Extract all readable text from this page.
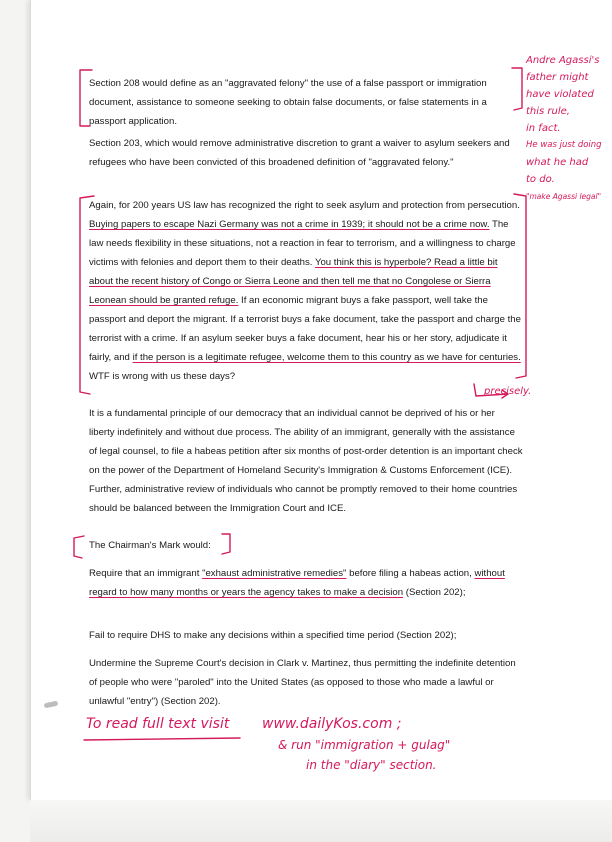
Section 208 would define as an "aggravated felony" the use of a false passport or immigration document, assistance to someone seeking to obtain false documents, or false statements in a passport application.

Section 203, which would remove administrative discretion to grant a waiver to asylum seekers and refugees who have been convicted of this broadened definition of "aggravated felony."

Again, for 200 years US law has recognized the right to seek asylum and protection from persecution. Buying papers to escape Nazi Germany was not a crime in 1939; it should not be a crime now. The law needs flexibility in these situations, not a reaction in fear to terrorism, and a willingness to charge victims with felonies and deport them to their deaths. You think this is hyperbole? Read a little bit about the recent history of Congo or Sierra Leone and then tell me that no Congolese or Sierra Leonean should be granted refuge. If an economic migrant buys a fake passport, well take the passport and deport the migrant. If a terrorist buys a fake document, take the passport and charge the terrorist with a crime. If an asylum seeker buys a fake document, hear his or her story, adjudicate it fairly, and if the person is a legitimate refugee, welcome them to this country as we have for centuries. WTF is wrong with us these days?

It is a fundamental principle of our democracy that an individual cannot be deprived of his or her liberty indefinitely and without due process. The ability of an immigrant, generally with the assistance of legal counsel, to file a habeas petition after six months of post-order detention is an important check on the power of the Department of Homeland Security's Immigration & Customs Enforcement (ICE). Further, administrative review of individuals who cannot be promptly removed to their home countries should be balanced between the Immigration Court and ICE.

The Chairman's Mark would:

Require that an immigrant "exhaust administrative remedies" before filing a habeas action, without regard to how many months or years the agency takes to make a decision (Section 202);

Fail to require DHS to make any decisions within a specified time period (Section 202);

Undermine the Supreme Court's decision in Clark v. Martinez, thus permitting the indefinite detention of people who were "paroled" into the United States (as opposed to those who made a lawful or unlawful "entry") (Section 202).

Andre Agassi's
father might
have violated
this rule,
in fact.
He was just doing
what he had
to do.
"make Agassi legal"
precisely.
To read full text visit www.dailyKos.com ;
& run "immigration + gulag"
in the "diary" section.
